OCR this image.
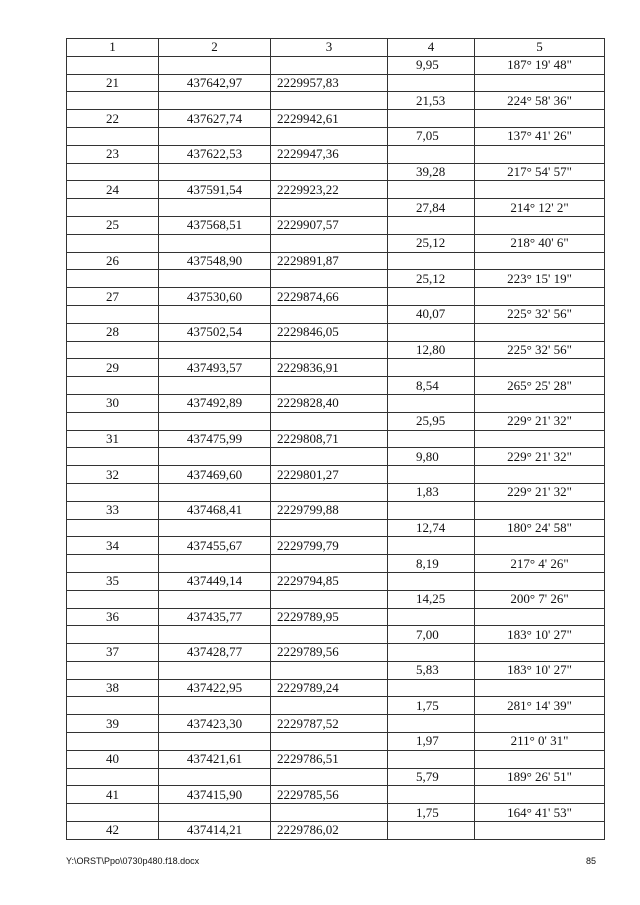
1	2	3	4	5
			9,95	187° 19' 48"
21	437642,97	2229957,83		
			21,53	224° 58' 36"
22	437627,74	2229942,61		
			7,05	137° 41' 26"
23	437622,53	2229947,36		
			39,28	217° 54' 57"
24	437591,54	2229923,22		
			27,84	214° 12' 2"
25	437568,51	2229907,57		
			25,12	218° 40' 6"
26	437548,90	2229891,87		
			25,12	223° 15' 19"
27	437530,60	2229874,66		
			40,07	225° 32' 56"
28	437502,54	2229846,05		
			12,80	225° 32' 56"
29	437493,57	2229836,91		
			8,54	265° 25' 28"
30	437492,89	2229828,40		
			25,95	229° 21' 32"
31	437475,99	2229808,71		
			9,80	229° 21' 32"
32	437469,60	2229801,27		
			1,83	229° 21' 32"
33	437468,41	2229799,88		
			12,74	180° 24' 58"
34	437455,67	2229799,79		
			8,19	217° 4' 26"
35	437449,14	2229794,85		
			14,25	200° 7' 26"
36	437435,77	2229789,95		
			7,00	183° 10' 27"
37	437428,77	2229789,56		
			5,83	183° 10' 27"
38	437422,95	2229789,24		
			1,75	281° 14' 39"
39	437423,30	2229787,52		
			1,97	211° 0' 31"
40	437421,61	2229786,51		
			5,79	189° 26' 51"
41	437415,90	2229785,56		
			1,75	164° 41' 53"
42	437414,21	2229786,02		
Y:\ORST\Ppo\0730p480.f18.docx	85
